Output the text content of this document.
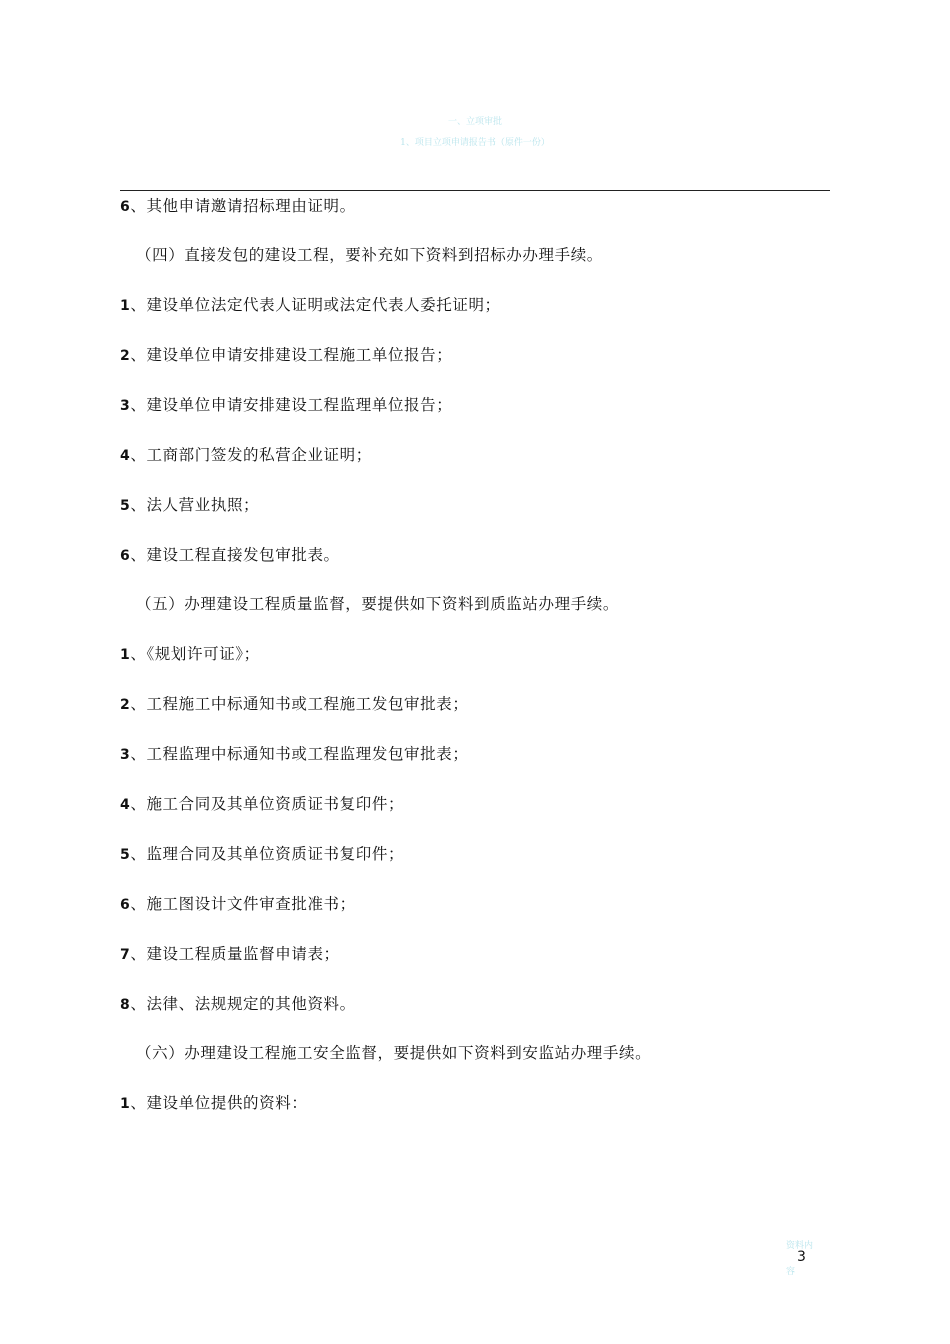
一、立项审批
1、项目立项申请报告书（原件一份）
6、其他申请邀请招标理由证明。
（四）直接发包的建设工程，要补充如下资料到招标办办理手续。
1、建设单位法定代表人证明或法定代表人委托证明；
2、建设单位申请安排建设工程施工单位报告；
3、建设单位申请安排建设工程监理单位报告；
4、工商部门签发的私营企业证明；
5、法人营业执照；
6、建设工程直接发包审批表。
（五）办理建设工程质量监督，要提供如下资料到质监站办理手续。
1、《规划许可证》；
2、工程施工中标通知书或工程施工发包审批表；
3、工程监理中标通知书或工程监理发包审批表；
4、施工合同及其单位资质证书复印件；
5、监理合同及其单位资质证书复印件；
6、施工图设计文件审查批准书；
7、建设工程质量监督申请表；
8、法律、法规规定的其他资料。
（六）办理建设工程施工安全监督，要提供如下资料到安监站办理手续。
1、建设单位提供的资料：
资料内
3
容
